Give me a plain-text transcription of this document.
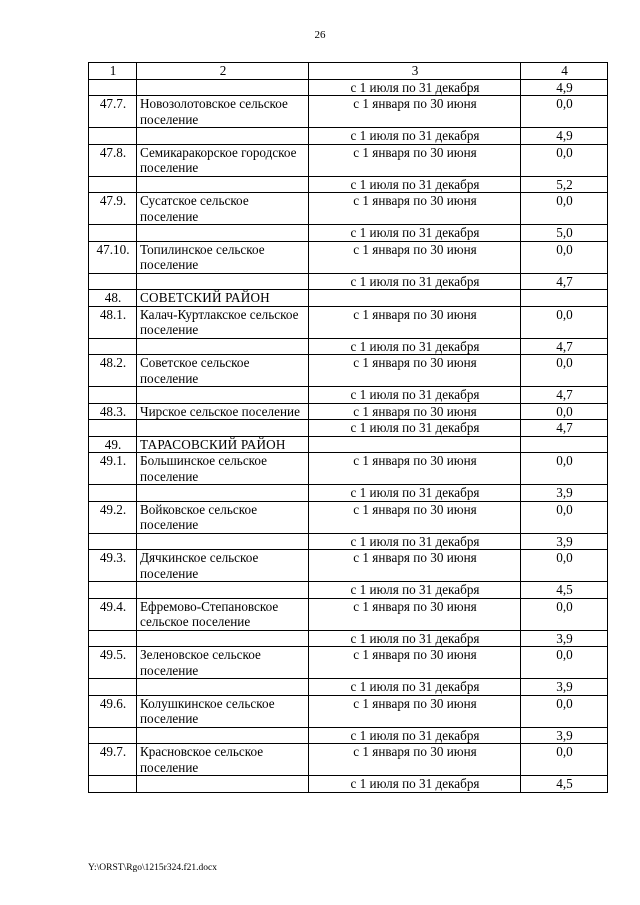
26
1	2	3	4
		с 1 июля по 31 декабря	4,9
47.7.	Новозолотовское сельское поселение	с 1 января по 30 июня	0,0
		с 1 июля по 31 декабря	4,9
47.8.	Семикаракорское городское поселение	с 1 января по 30 июня	0,0
		с 1 июля по 31 декабря	5,2
47.9.	Сусатское сельское поселение	с 1 января по 30 июня	0,0
		с 1 июля по 31 декабря	5,0
47.10.	Топилинское сельское поселение	с 1 января по 30 июня	0,0
		с 1 июля по 31 декабря	4,7
48.	СОВЕТСКИЙ РАЙОН		
48.1.	Калач-Куртлакское сельское поселение	с 1 января по 30 июня	0,0
		с 1 июля по 31 декабря	4,7
48.2.	Советское сельское поселение	с 1 января по 30 июня	0,0
		с 1 июля по 31 декабря	4,7
48.3.	Чирское сельское поселение	с 1 января по 30 июня	0,0
		с 1 июля по 31 декабря	4,7
49.	ТАРАСОВСКИЙ РАЙОН		
49.1.	Большинское сельское поселение	с 1 января по 30 июня	0,0
		с 1 июля по 31 декабря	3,9
49.2.	Войковское сельское поселение	с 1 января по 30 июня	0,0
		с 1 июля по 31 декабря	3,9
49.3.	Дячкинское сельское поселение	с 1 января по 30 июня	0,0
		с 1 июля по 31 декабря	4,5
49.4.	Ефремово-Степановское сельское поселение	с 1 января по 30 июня	0,0
		с 1 июля по 31 декабря	3,9
49.5.	Зеленовское сельское поселение	с 1 января по 30 июня	0,0
		с 1 июля по 31 декабря	3,9
49.6.	Колушкинское сельское поселение	с 1 января по 30 июня	0,0
		с 1 июля по 31 декабря	3,9
49.7.	Красновское сельское поселение	с 1 января по 30 июня	0,0
		с 1 июля по 31 декабря	4,5
Y:\ORST\Rgo\1215r324.f21.docx
